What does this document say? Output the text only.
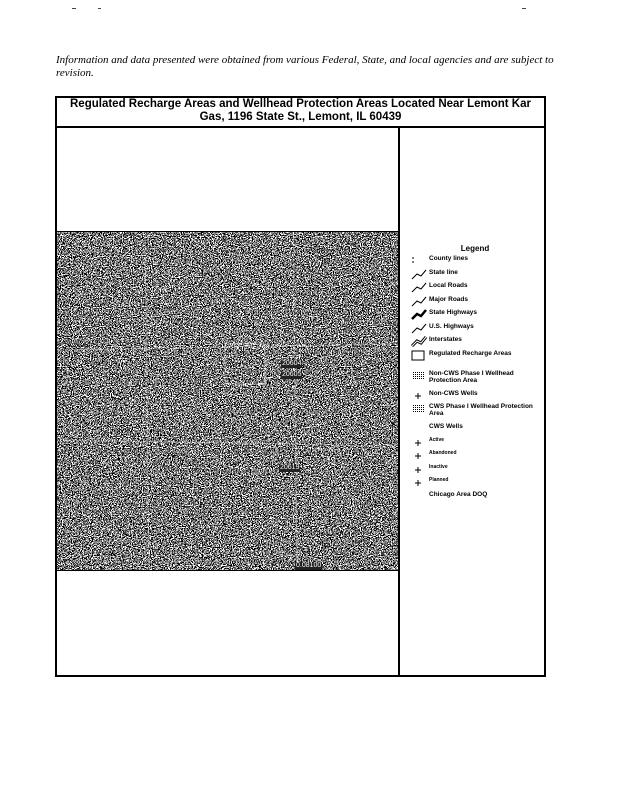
Information and data presented were obtained from various Federal, State, and local agencies and are subject to revision.
Regulated Recharge Areas and Wellhead Protection Areas Located Near Lemont Kar
Gas, 1196 State St., Lemont, IL 60439
20604
20605
20619
0.08100
Legend
County lines
State line
Local Roads
Major Roads
State Highways
U.S. Highways
Interstates
Regulated Recharge Areas
Non-CWS Phase I Wellhead Protection Area
Non-CWS Wells
CWS Phase I Wellhead Protection Area
CWS Wells
Active
Abandoned
Inactive
Planned
Chicago Area DOQ
